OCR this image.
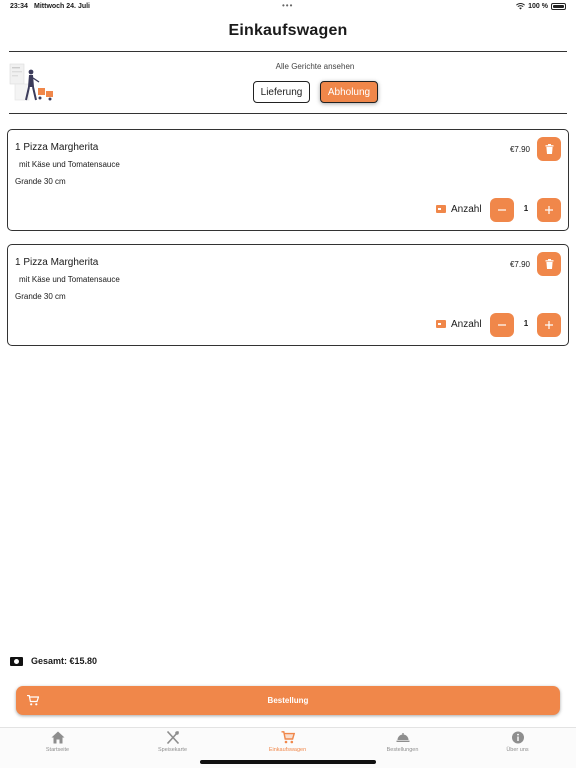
23:34 Mittwoch 24. Juli	•••	100 %
Einkaufswagen
Alle Gerichte ansehen
Lieferung	Abholung
1 Pizza Margherita
mit Käse und Tomatensauce
Grande 30 cm
€7.90
Anzahl	1
1 Pizza Margherita
mit Käse und Tomatensauce
Grande 30 cm
€7.90
Anzahl	1
Gesamt: €15.80
Bestellung
Startseite	Speisekarte	Einkaufswagen	Bestellungen	Über uns
